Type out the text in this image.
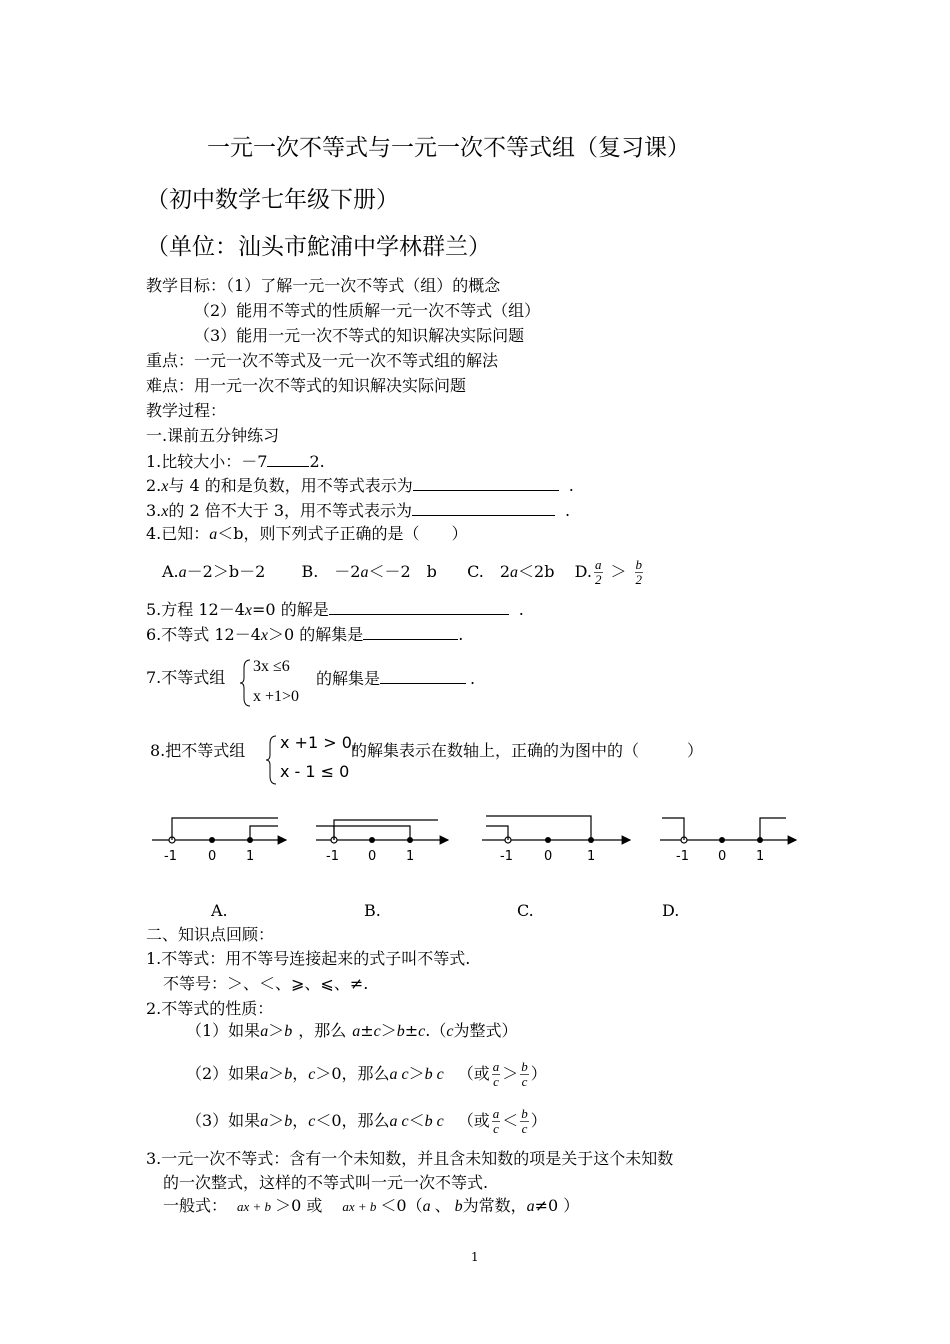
一元一次不等式与一元一次不等式组（复习课）
（初中数学七年级下册）
（单位：汕头市鮀浦中学林群兰）
教学目标：（1）了解一元一次不等式（组）的概念
（2）能用不等式的性质解一元一次不等式（组）
（3）能用一元一次不等式的知识解决实际问题
重点：一元一次不等式及一元一次不等式组的解法
难点：用一元一次不等式的知识解决实际问题
教学过程：
一.课前五分钟练习
1.比较大小：－7	2.
2.x与 4 的和是负数，用不等式表示为	.
3.x的 2 倍不大于 3，用不等式表示为	.
4.已知：a＜b，则下列式子正确的是（　　）
A.a－2＞b－2 B.　－2a＜－2　b C.　2a＜2b D. $\frac{a}{2} > \frac{b}{2}$
5.方程 12－4x=0 的解是	.
6.不等式 12－4x＞0 的解集是	.
7.不等式组
3x ≤6
x +1>0
的解集是	.
8.把不等式组 x +1 > 0,
x - 1 ≤ 0
的解集表示在数轴上，正确的为图中的（　　　）
-1 0 1	-1 0 1	-1 0	1	-1 0 1
A.	B.	C.	D.
二、知识点回顾：
1.不等式：用不等号连接起来的式子叫不等式.
不等号：＞、＜、⩾、⩽、≠.
2.不等式的性质：
（1）如果a＞b ，那么 a±c＞b±c.（c为整式）
（2）如果a＞b，c＞0，那么a c＞b c （或 $\frac{a}{c} > \frac{b}{c}$ ）
（3）如果a＞b，c＜0，那么a c＜b c （或 $\frac{a}{c} < \frac{b}{c}$ ）
3.一元一次不等式：含有一个未知数，并且含未知数的项是关于这个未知数
的一次整式，这样的不等式叫一元一次不等式.
一般式： ax + b ＞0 或 ax + b ＜0（a 、 b为常数，a≠0 ）
1
